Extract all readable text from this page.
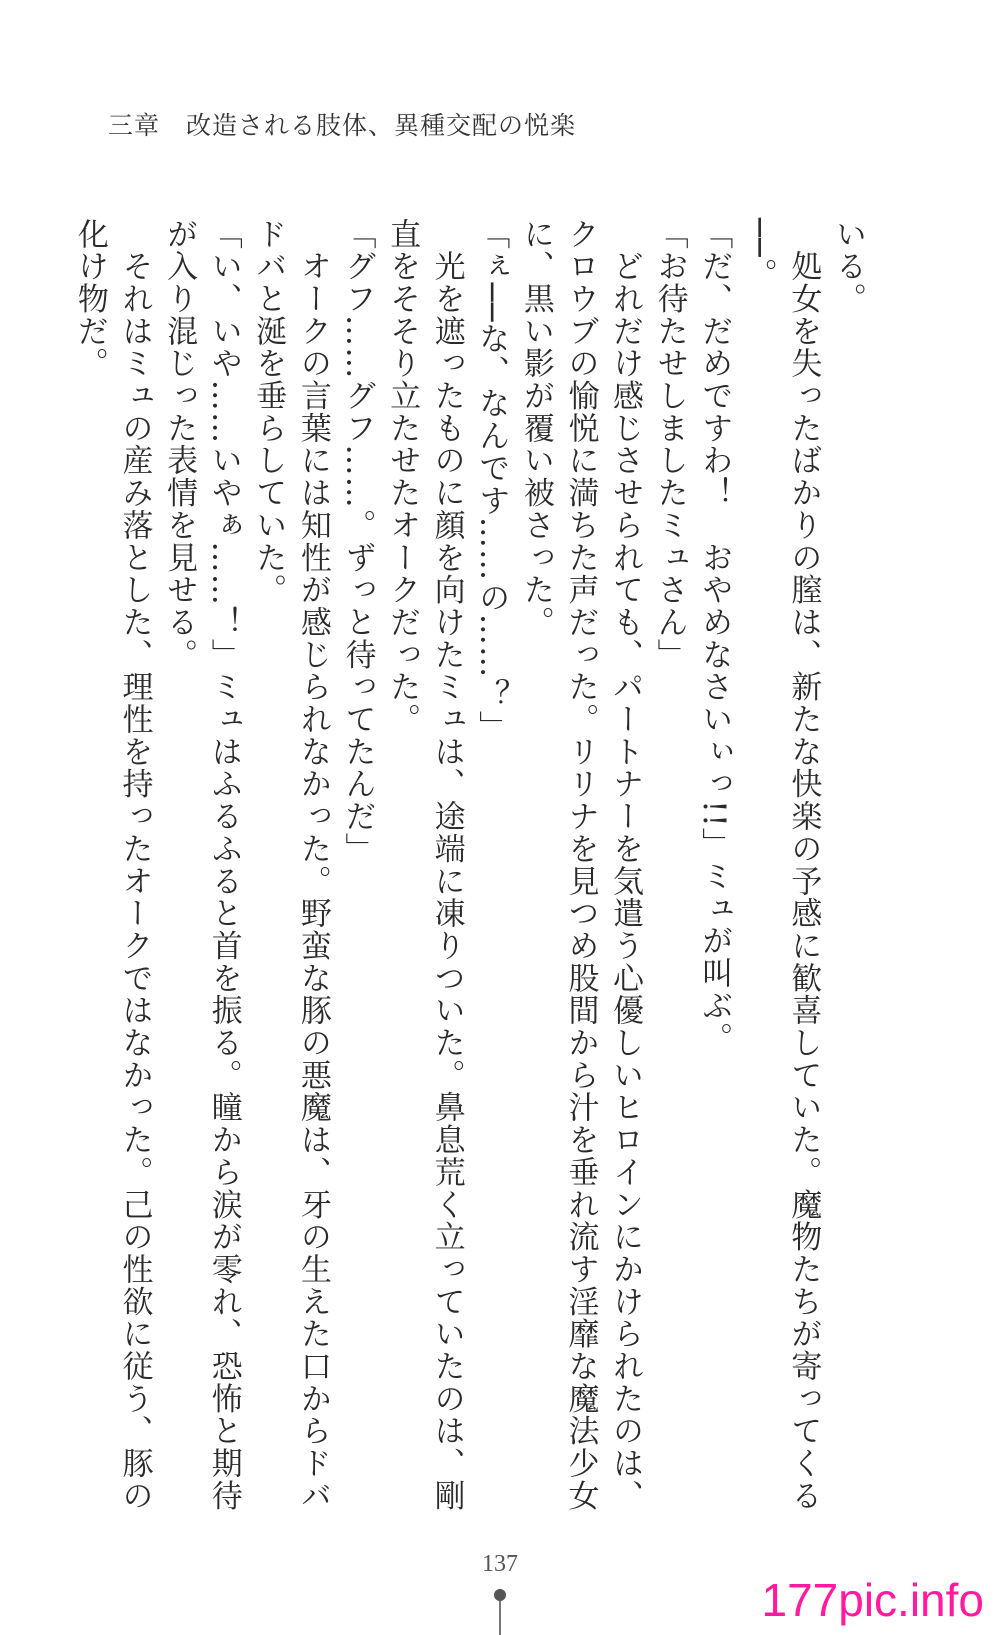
三章　改造される肢体、異種交配の悦楽
いる。
　処女を失ったばかりの膣は、新たな快楽の予感に歓喜していた。魔物たちが寄ってくる
──。
「だ、だめですわ！　おやめなさいぃっ!!」ミュが叫ぶ。
「お待たせしましたミュさん」
　どれだけ感じさせられても、パートナーを気遣う心優しいヒロインにかけられたのは、
クロウブの愉悦に満ちた声だった。リリナを見つめ股間から汁を垂れ流す淫靡な魔法少女
に、黒い影が覆い被さった。
「ぇ──な、なんです……の……？」
　光を遮ったものに顔を向けたミュは、途端に凍りついた。鼻息荒く立っていたのは、剛
直をそそり立たせたオークだった。
「グフ……グフ……。ずっと待ってたんだ」
　オークの言葉には知性が感じられなかった。野蛮な豚の悪魔は、牙の生えた口からドバ
ドバと涎を垂らしていた。
「い、いや……いやぁ……！」ミュはふるふると首を振る。瞳から涙が零れ、恐怖と期待
が入り混じった表情を見せる。
　それはミュの産み落とした、理性を持ったオークではなかった。己の性欲に従う、豚の
化け物だ。
137
177pic.info
